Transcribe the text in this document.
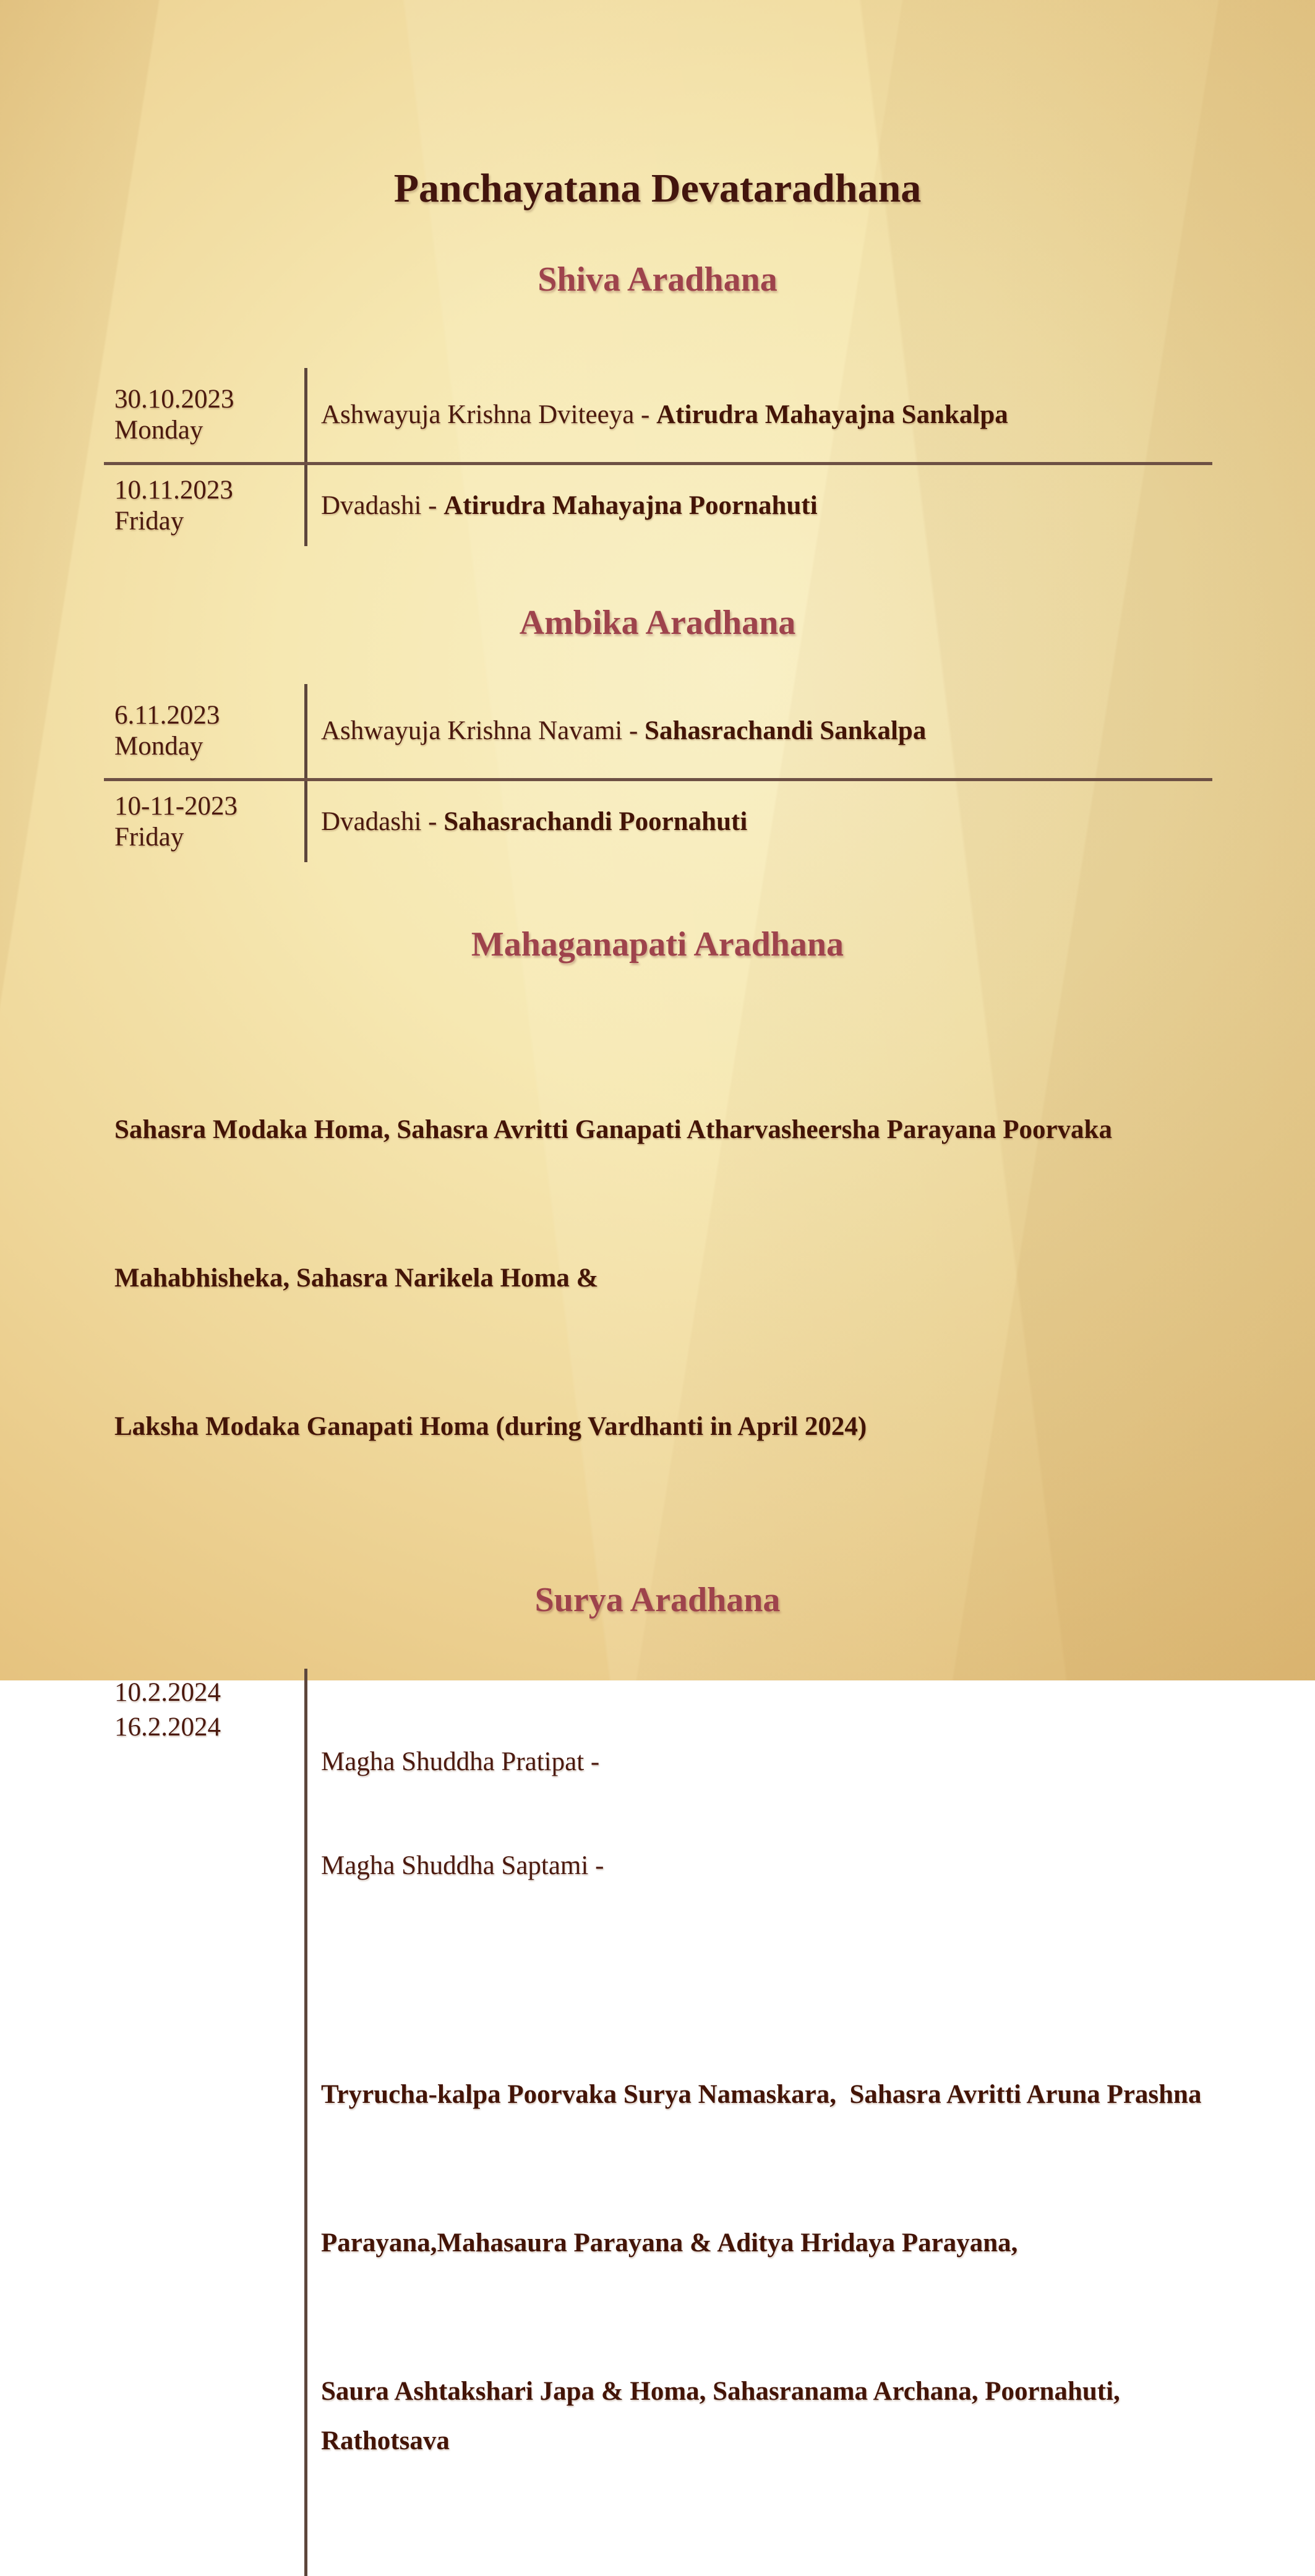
Panchayatana Devataradhana
Shiva Aradhana
30.10.2023
Monday
Ashwayuja Krishna Dviteeya - Atirudra Mahayajna Sankalpa
10.11.2023
Friday
Dvadashi - Atirudra Mahayajna Poornahuti
Ambika Aradhana
6.11.2023
Monday
Ashwayuja Krishna Navami - Sahasrachandi Sankalpa
10-11-2023
Friday
Dvadashi - Sahasrachandi Poornahuti
Mahaganapati Aradhana

Sahasra Modaka Homa, Sahasra Avritti Ganapati Atharvasheersha Parayana Poorvaka

Mahabhisheka, Sahasra Narikela Homa &

Laksha Modaka Ganapati Homa (during Vardhanti in April 2024)

Surya Aradhana
10.2.2024
16.2.2024

Magha Shuddha Pratipat -

Magha Shuddha Saptami -

Tryrucha-kalpa Poorvaka Surya Namaskara,  Sahasra Avritti Aruna Prashna

Parayana,Mahasaura Parayana & Aditya Hridaya Parayana,

Saura Ashtakshari Japa & Homa, Sahasranama Archana, Poornahuti, Rathotsava
